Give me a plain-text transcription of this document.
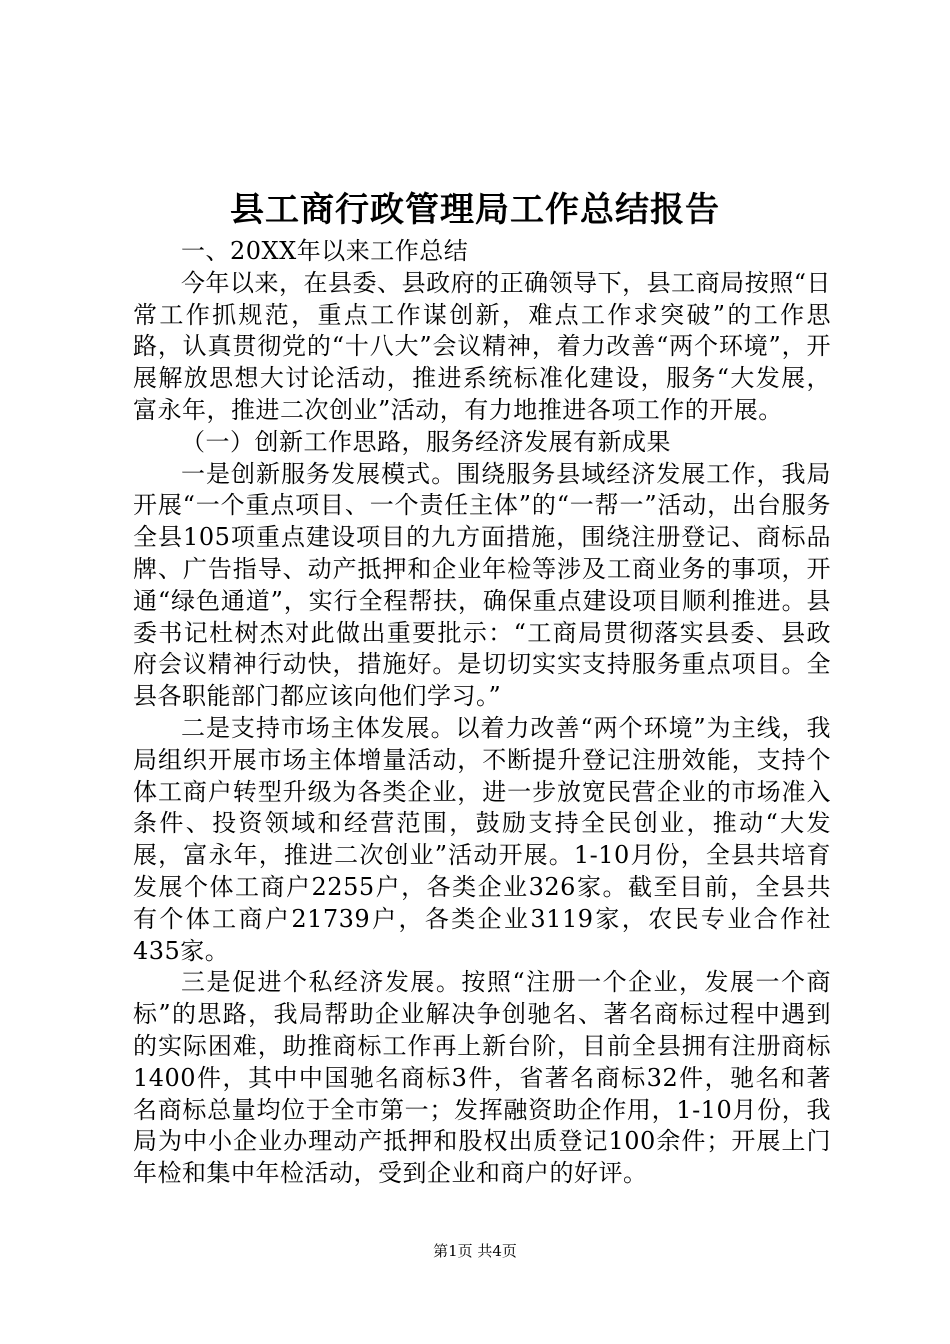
县工商行政管理局工作总结报告

一、20XX年以来工作总结

今年以来，在县委、县政府的正确领导下，县工商局按照“日常工作抓规范，重点工作谋创新，难点工作求突破”的工作思路，认真贯彻党的“十八大”会议精神，着力改善“两个环境”，开展解放思想大讨论活动，推进系统标准化建设，服务“大发展，富永年，推进二次创业”活动，有力地推进各项工作的开展。

（一）创新工作思路，服务经济发展有新成果

一是创新服务发展模式。围绕服务县域经济发展工作，我局开展“一个重点项目、一个责任主体”的“一帮一”活动，出台服务全县105项重点建设项目的九方面措施，围绕注册登记、商标品牌、广告指导、动产抵押和企业年检等涉及工商业务的事项，开通“绿色通道”，实行全程帮扶，确保重点建设项目顺利推进。县委书记杜树杰对此做出重要批示：“工商局贯彻落实县委、县政府会议精神行动快，措施好。是切切实实支持服务重点项目。全县各职能部门都应该向他们学习。”

二是支持市场主体发展。以着力改善“两个环境”为主线，我局组织开展市场主体增量活动，不断提升登记注册效能，支持个体工商户转型升级为各类企业，进一步放宽民营企业的市场准入条件、投资领域和经营范围，鼓励支持全民创业，推动“大发展，富永年，推进二次创业”活动开展。1-10月份，全县共培育发展个体工商户2255户，各类企业326家。截至目前，全县共有个体工商户21739户，各类企业3119家，农民专业合作社435家。

三是促进个私经济发展。按照“注册一个企业，发展一个商标”的思路，我局帮助企业解决争创驰名、著名商标过程中遇到的实际困难，助推商标工作再上新台阶，目前全县拥有注册商标1400件，其中中国驰名商标3件，省著名商标32件，驰名和著名商标总量均位于全市第一；发挥融资助企作用，1-10月份，我局为中小企业办理动产抵押和股权出质登记100余件；开展上门年检和集中年检活动，受到企业和商户的好评。

第1页 共4页
